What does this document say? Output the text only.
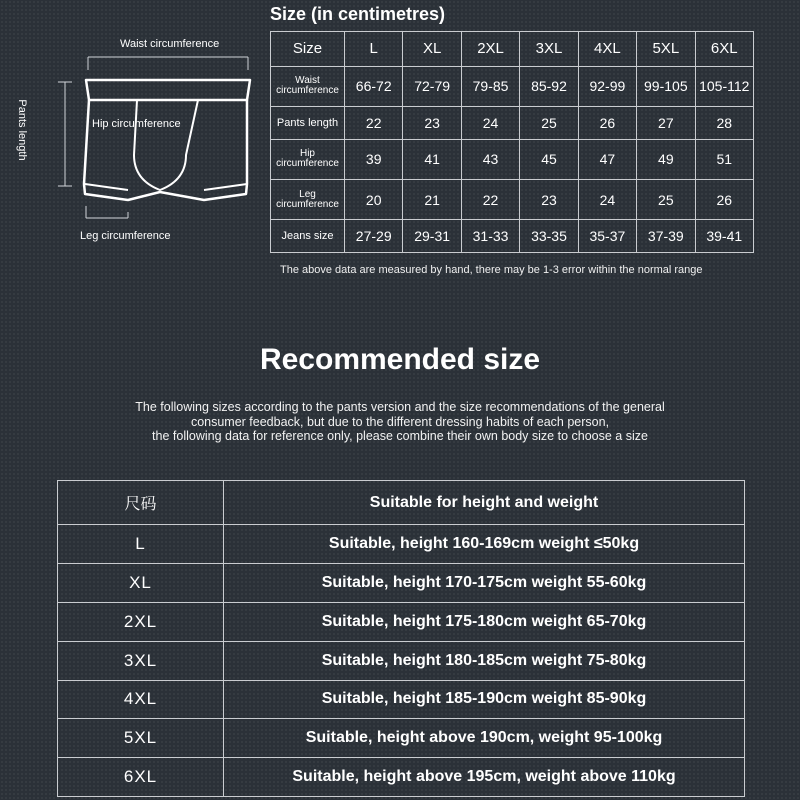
Waist circumference
Hip circumference
Pants length
Leg circumference
Size (in centimetres)
Size	L	XL	2XL	3XL	4XL	5XL	6XL
Waist
circumference	66-72	72-79	79-85	85-92	92-99	99-105	105-112
Pants length	22	23	24	25	26	27	28
Hip
circumference	39	41	43	45	47	49	51
Leg
circumference	20	21	22	23	24	25	26
Jeans size	27-29	29-31	31-33	33-35	35-37	37-39	39-41
The above data are measured by hand, there may be 1-3 error within the normal range
Recommended size
The following sizes according to the pants version and the size recommendations of the general
consumer feedback, but due to the different dressing habits of each person,
the following data for reference only, please combine their own body size to choose a size
尺码	Suitable for height and weight
L	Suitable, height 160-169cm weight ≤50kg
XL	Suitable, height 170-175cm weight 55-60kg
2XL	Suitable, height 175-180cm weight 65-70kg
3XL	Suitable, height 180-185cm weight 75-80kg
4XL	Suitable, height 185-190cm weight 85-90kg
5XL	Suitable, height above 190cm, weight 95-100kg
6XL	Suitable, height above 195cm, weight above 110kg
